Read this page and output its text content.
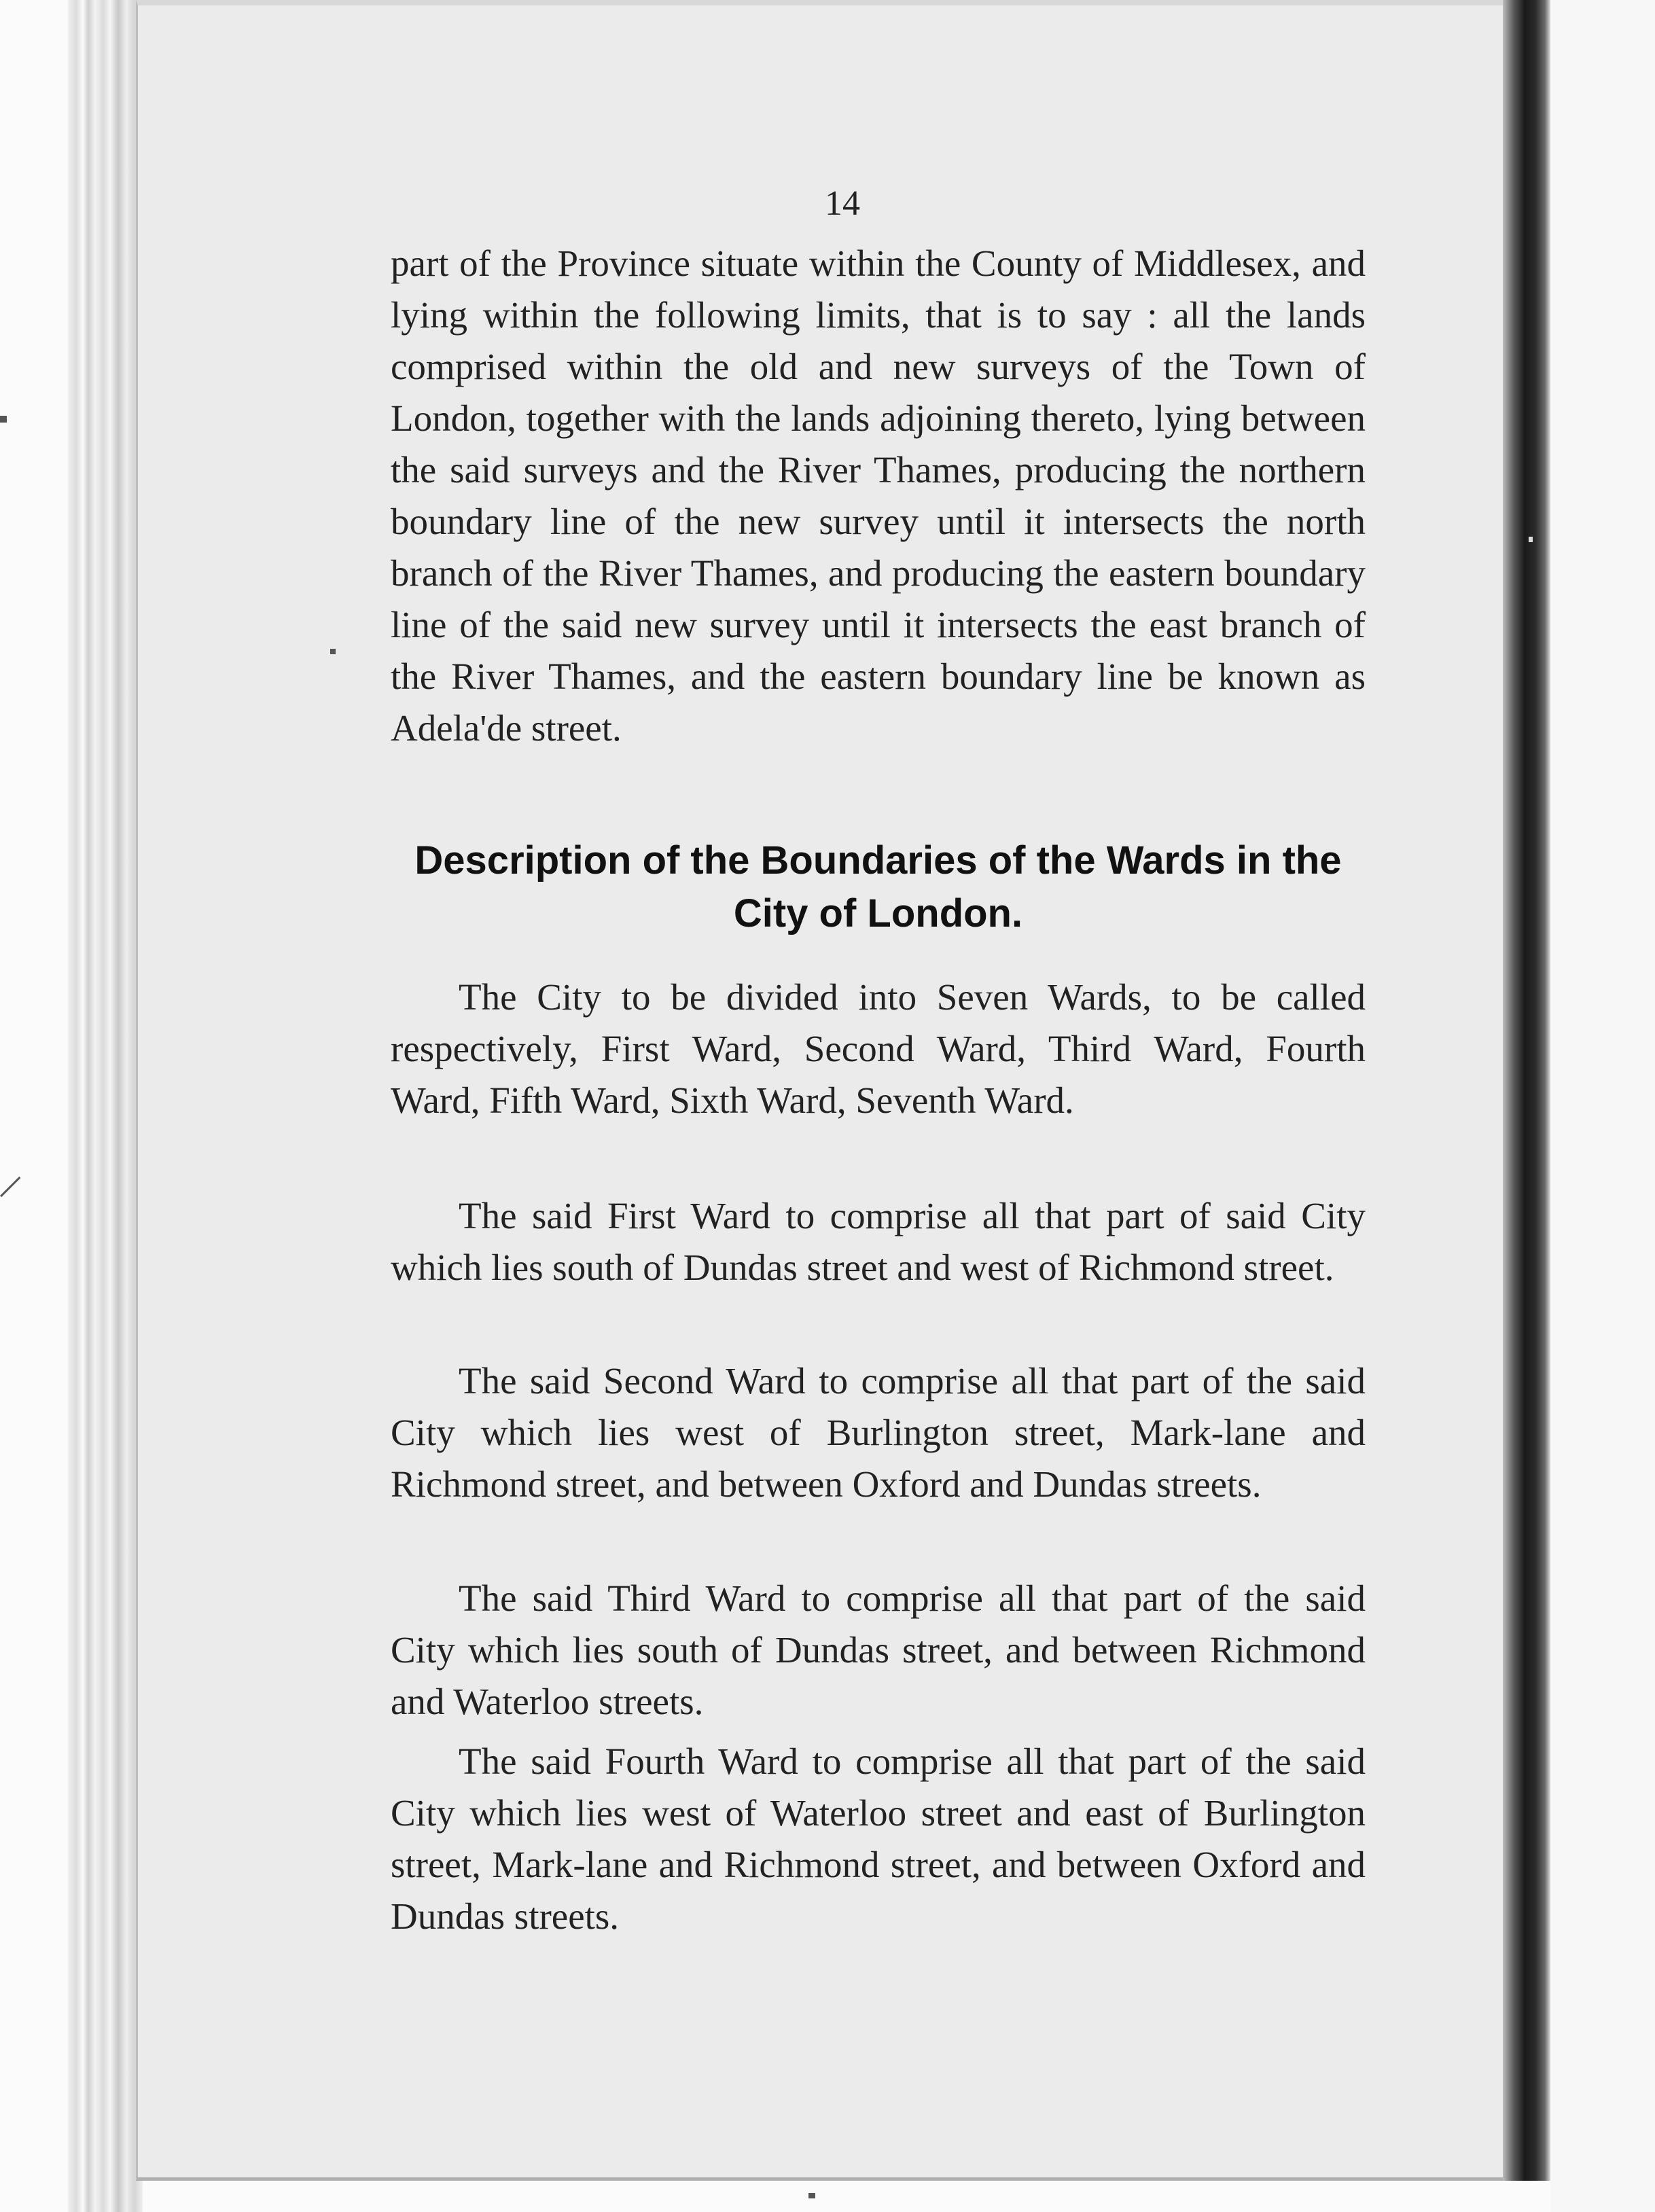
14

part of the Province situate within the County of Middlesex, and lying within the following limits, that is to say : all the lands comprised within the old and new surveys of the Town of London, together with the lands adjoining thereto, lying between the said surveys and the River Thames, producing the northern boundary line of the new survey until it intersects the north branch of the River Thames, and producing the eastern boundary line of the said new survey until it intersects the east branch of the River Thames, and the eastern boundary line be known as Adela'de street.

Description of the Boundaries of the Wards in the City of London.

The City to be divided into Seven Wards, to be called respectively, First Ward, Second Ward, Third Ward, Fourth Ward, Fifth Ward, Sixth Ward, Seventh Ward.

The said First Ward to comprise all that part of said City which lies south of Dundas street and west of Richmond street.

The said Second Ward to comprise all that part of the said City which lies west of Burlington street, Mark-lane and Richmond street, and between Oxford and Dundas streets.

The said Third Ward to comprise all that part of the said City which lies south of Dundas street, and between Richmond and Waterloo streets.

The said Fourth Ward to comprise all that part of the said City which lies west of Waterloo street and east of Burlington street, Mark-lane and Richmond street, and between Oxford and Dundas streets.
